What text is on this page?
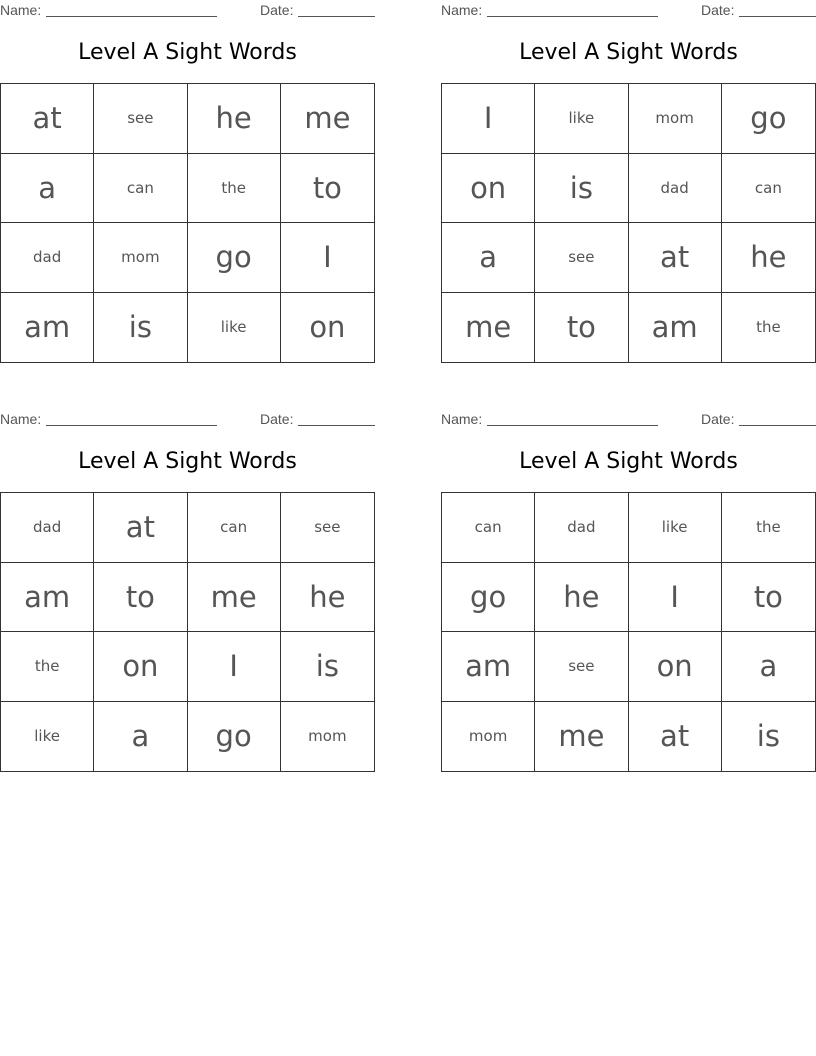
Name:	Date:
Level A Sight Words
at	see	he	me
a	can	the	to
dad	mom	go	I
am	is	like	on
Name:	Date:
Level A Sight Words
I	like	mom	go
on	is	dad	can
a	see	at	he
me	to	am	the
Name:	Date:
Level A Sight Words
dad	at	can	see
am	to	me	he
the	on	I	is
like	a	go	mom
Name:	Date:
Level A Sight Words
can	dad	like	the
go	he	I	to
am	see	on	a
mom	me	at	is
